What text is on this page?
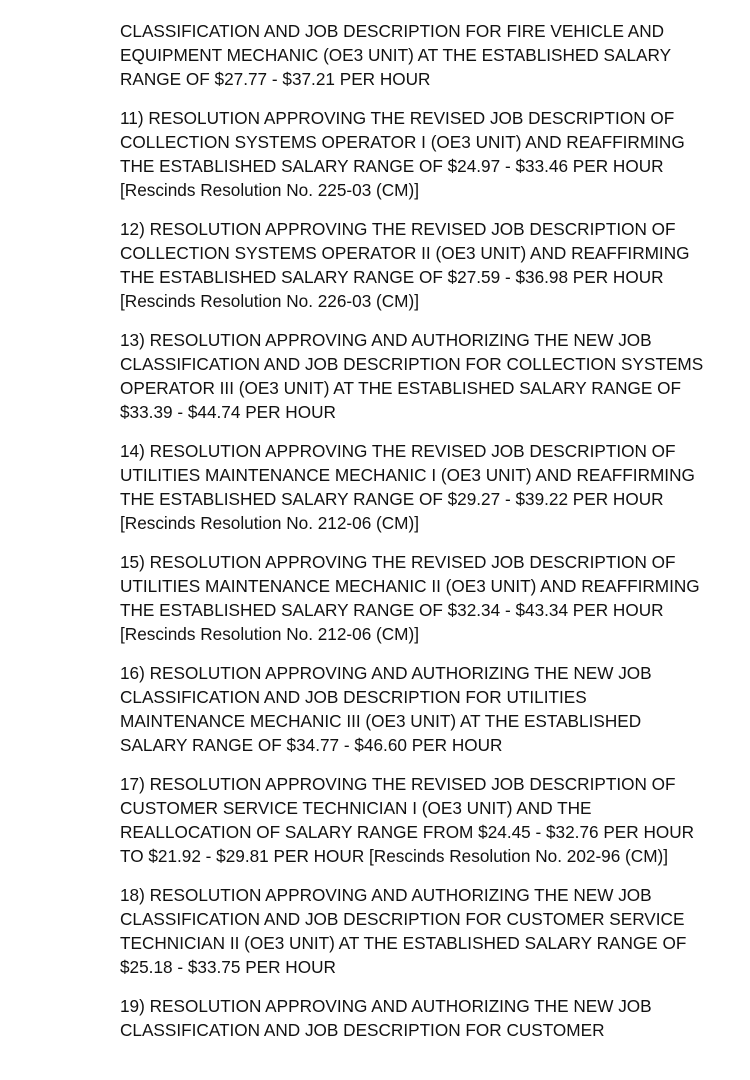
CLASSIFICATION AND JOB DESCRIPTION FOR FIRE VEHICLE AND EQUIPMENT MECHANIC (OE3 UNIT) AT THE ESTABLISHED SALARY RANGE OF $27.77 - $37.21 PER HOUR

11) RESOLUTION APPROVING THE REVISED JOB DESCRIPTION OF COLLECTION SYSTEMS OPERATOR I (OE3 UNIT) AND REAFFIRMING THE ESTABLISHED SALARY RANGE OF $24.97 - $33.46 PER HOUR [Rescinds Resolution No. 225-03 (CM)]

12) RESOLUTION APPROVING THE REVISED JOB DESCRIPTION OF COLLECTION SYSTEMS OPERATOR II (OE3 UNIT) AND REAFFIRMING THE ESTABLISHED SALARY RANGE OF $27.59 - $36.98 PER HOUR [Rescinds Resolution No. 226-03 (CM)]

13) RESOLUTION APPROVING AND AUTHORIZING THE NEW JOB CLASSIFICATION AND JOB DESCRIPTION FOR COLLECTION SYSTEMS OPERATOR III (OE3 UNIT) AT THE ESTABLISHED SALARY RANGE OF $33.39 - $44.74 PER HOUR

14) RESOLUTION APPROVING THE REVISED JOB DESCRIPTION OF UTILITIES MAINTENANCE MECHANIC I (OE3 UNIT) AND REAFFIRMING THE ESTABLISHED SALARY RANGE OF $29.27 - $39.22 PER HOUR [Rescinds Resolution No. 212-06 (CM)]

15) RESOLUTION APPROVING THE REVISED JOB DESCRIPTION OF UTILITIES MAINTENANCE MECHANIC II (OE3 UNIT) AND REAFFIRMING THE ESTABLISHED SALARY RANGE OF $32.34 - $43.34 PER HOUR [Rescinds Resolution No. 212-06 (CM)]

16) RESOLUTION APPROVING AND AUTHORIZING THE NEW JOB CLASSIFICATION AND JOB DESCRIPTION FOR UTILITIES MAINTENANCE MECHANIC III (OE3 UNIT) AT THE ESTABLISHED SALARY RANGE OF $34.77 - $46.60 PER HOUR

17) RESOLUTION APPROVING THE REVISED JOB DESCRIPTION OF CUSTOMER SERVICE TECHNICIAN I (OE3 UNIT) AND THE REALLOCATION OF SALARY RANGE FROM $24.45 - $32.76 PER HOUR TO $21.92 - $29.81 PER HOUR [Rescinds Resolution No. 202-96 (CM)]

18) RESOLUTION APPROVING AND AUTHORIZING THE NEW JOB CLASSIFICATION AND JOB DESCRIPTION FOR CUSTOMER SERVICE TECHNICIAN II (OE3 UNIT) AT THE ESTABLISHED SALARY RANGE OF $25.18 - $33.75 PER HOUR

19) RESOLUTION APPROVING AND AUTHORIZING THE NEW JOB CLASSIFICATION AND JOB DESCRIPTION FOR CUSTOMER
